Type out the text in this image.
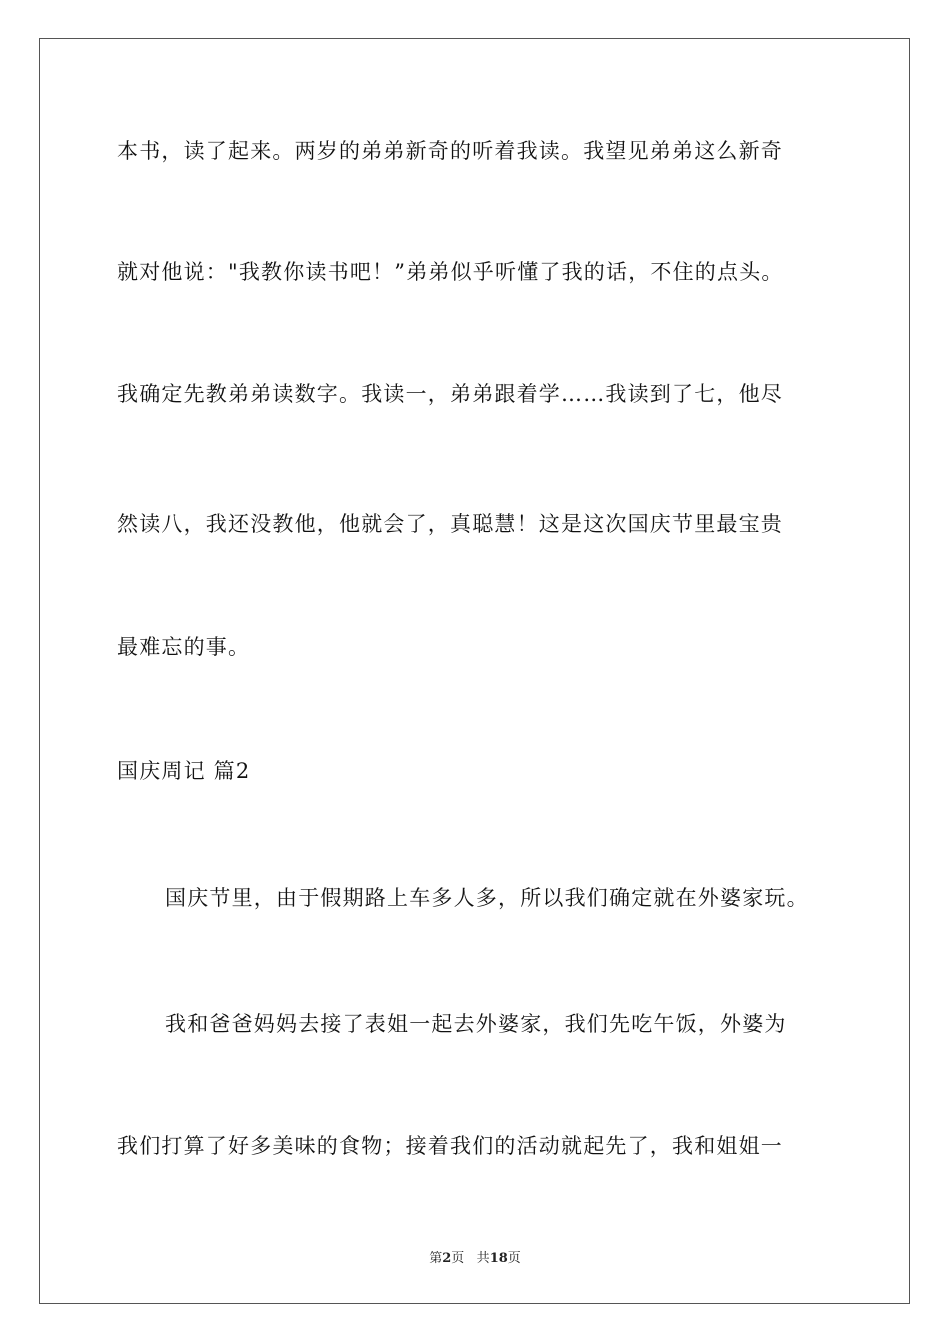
本书，读了起来。两岁的弟弟新奇的听着我读。我望见弟弟这么新奇
就对他说："我教你读书吧！”弟弟似乎听懂了我的话，不住的点头。
我确定先教弟弟读数字。我读一，弟弟跟着学……我读到了七，他尽
然读八，我还没教他，他就会了，真聪慧！这是这次国庆节里最宝贵
最难忘的事。
国庆周记 篇2
国庆节里，由于假期路上车多人多，所以我们确定就在外婆家玩。
我和爸爸妈妈去接了表姐一起去外婆家，我们先吃午饭，外婆为
我们打算了好多美味的食物；接着我们的活动就起先了，我和姐姐一
第2页 共18页
